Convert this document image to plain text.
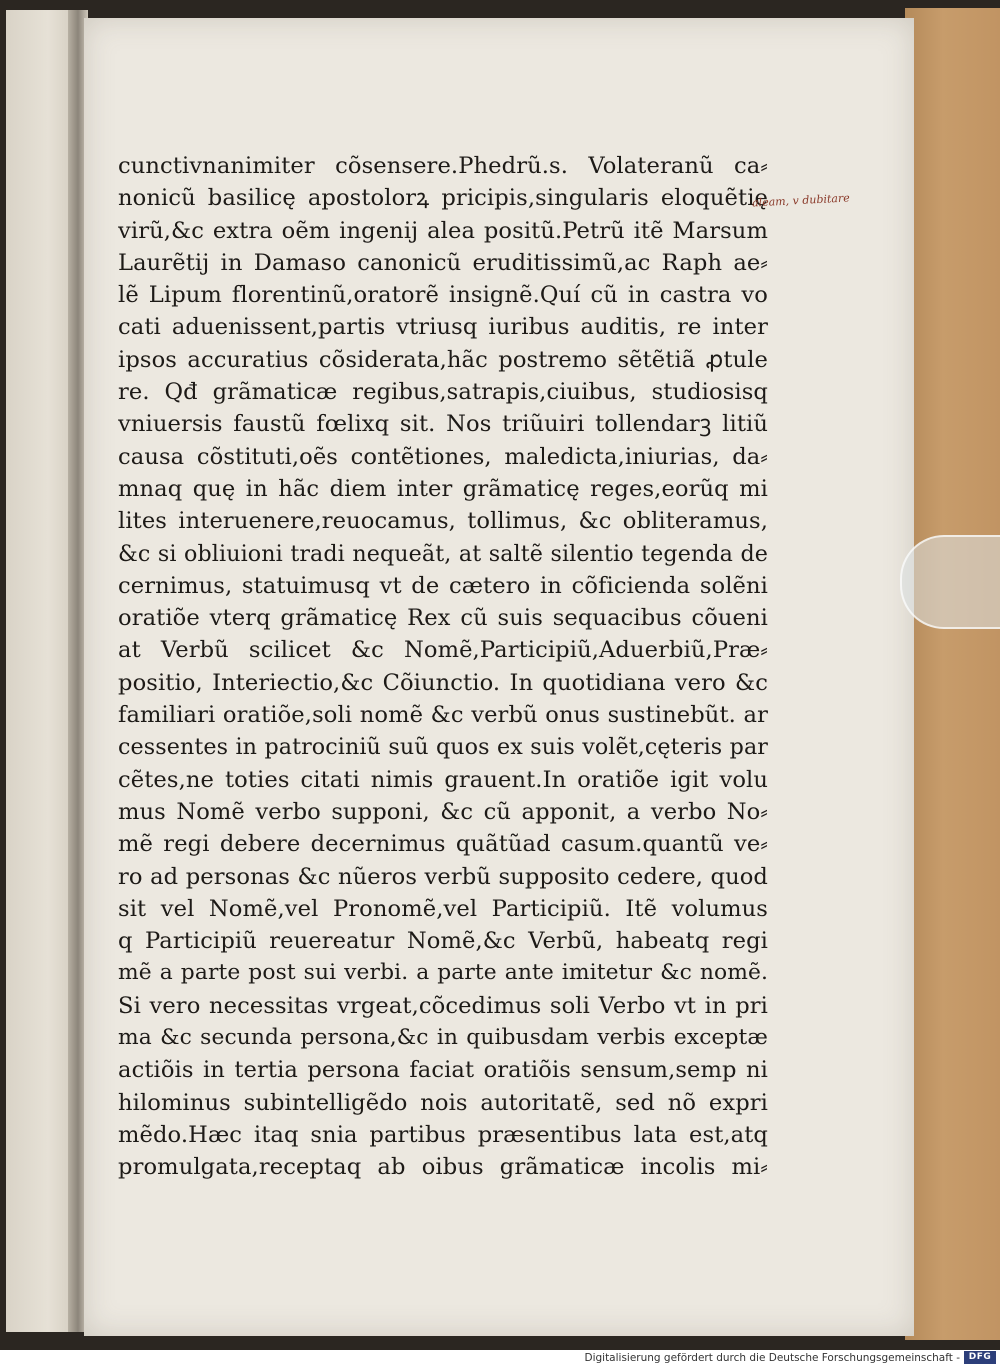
cunctivnanimiter cõsensere.Phedrũ.s. Volateranũ ca⸗
nonicũ basilicę apostolorꝝ pricipis,singularis eloquẽtię
virũ,&c extra oẽm ingenij alea positũ.Petrũ itẽ Marsum
Laurẽtij in Damaso canonicũ eruditissimũ,ac Raph ae⸗
lẽ Lipum florentinũ,oratorẽ insignẽ.Quí cũ in castra vo
cati aduenissent,partis vtriusq iuribus auditis, re inter
ipsos accuratius cõsiderata,hãc postremo sẽtẽtiã ꝓtule
re. Qđ grãmaticæ regibus,satrapis,ciuibus, studiosisq
vniuersis faustũ fœlixq sit. Nos triũuiri tollendarꝫ litiũ
causa cõstituti,oẽs contẽtiones, maledicta,iniurias, da⸗
mnaq quę in hãc diem inter grãmaticę reges,eorũq mi
lites interuenere,reuocamus, tollimus, &c obliteramus,
&c si obliuioni tradi nequeãt, at saltẽ silentio tegenda de
cernimus, statuimusq vt de cætero in cõficienda solẽni
oratiõe vterq grãmaticę Rex cũ suis sequacibus cõueni
at Verbũ scilicet &c Nomẽ,Participiũ,Aduerbiũ,Præ⸗
positio, Interiectio,&c Cõiunctio. In quotidiana vero &c
familiari oratiõe,soli nomẽ &c verbũ onus sustinebũt. ar
cessentes in patrociniũ suũ quos ex suis volẽt,cęteris par
cẽtes,ne toties citati nimis grauent.In oratiõe igit volu
mus Nomẽ verbo supponi, &c cũ apponit, a verbo No⸗
mẽ regi debere decernimus quãtũad casum.quantũ ve⸗
ro ad personas &c nũeros verbũ supposito cedere, quod
sit vel Nomẽ,vel Pronomẽ,vel Participiũ. Itẽ volumus
q Participiũ reuereatur Nomẽ,&c Verbũ, habeatq regi
mẽ a parte post sui verbi. a parte ante imitetur &c nomẽ.
Si vero necessitas vrgeat,cõcedimus soli Verbo vt in pri
ma &c secunda persona,&c in quibusdam verbis exceptæ
actiõis in tertia persona faciat oratiõis sensum,semp ni
hilominus subintelligẽdo nois autoritatẽ, sed nõ expri
mẽdo.Hæc itaq snia partibus præsentibus lata est,atq
promulgata,receptaq ab oibus grãmaticæ incolis mi⸗
aleam, v dubitare
Digitalisierung gefördert durch die Deutsche Forschungsgemeinschaft - DFG
